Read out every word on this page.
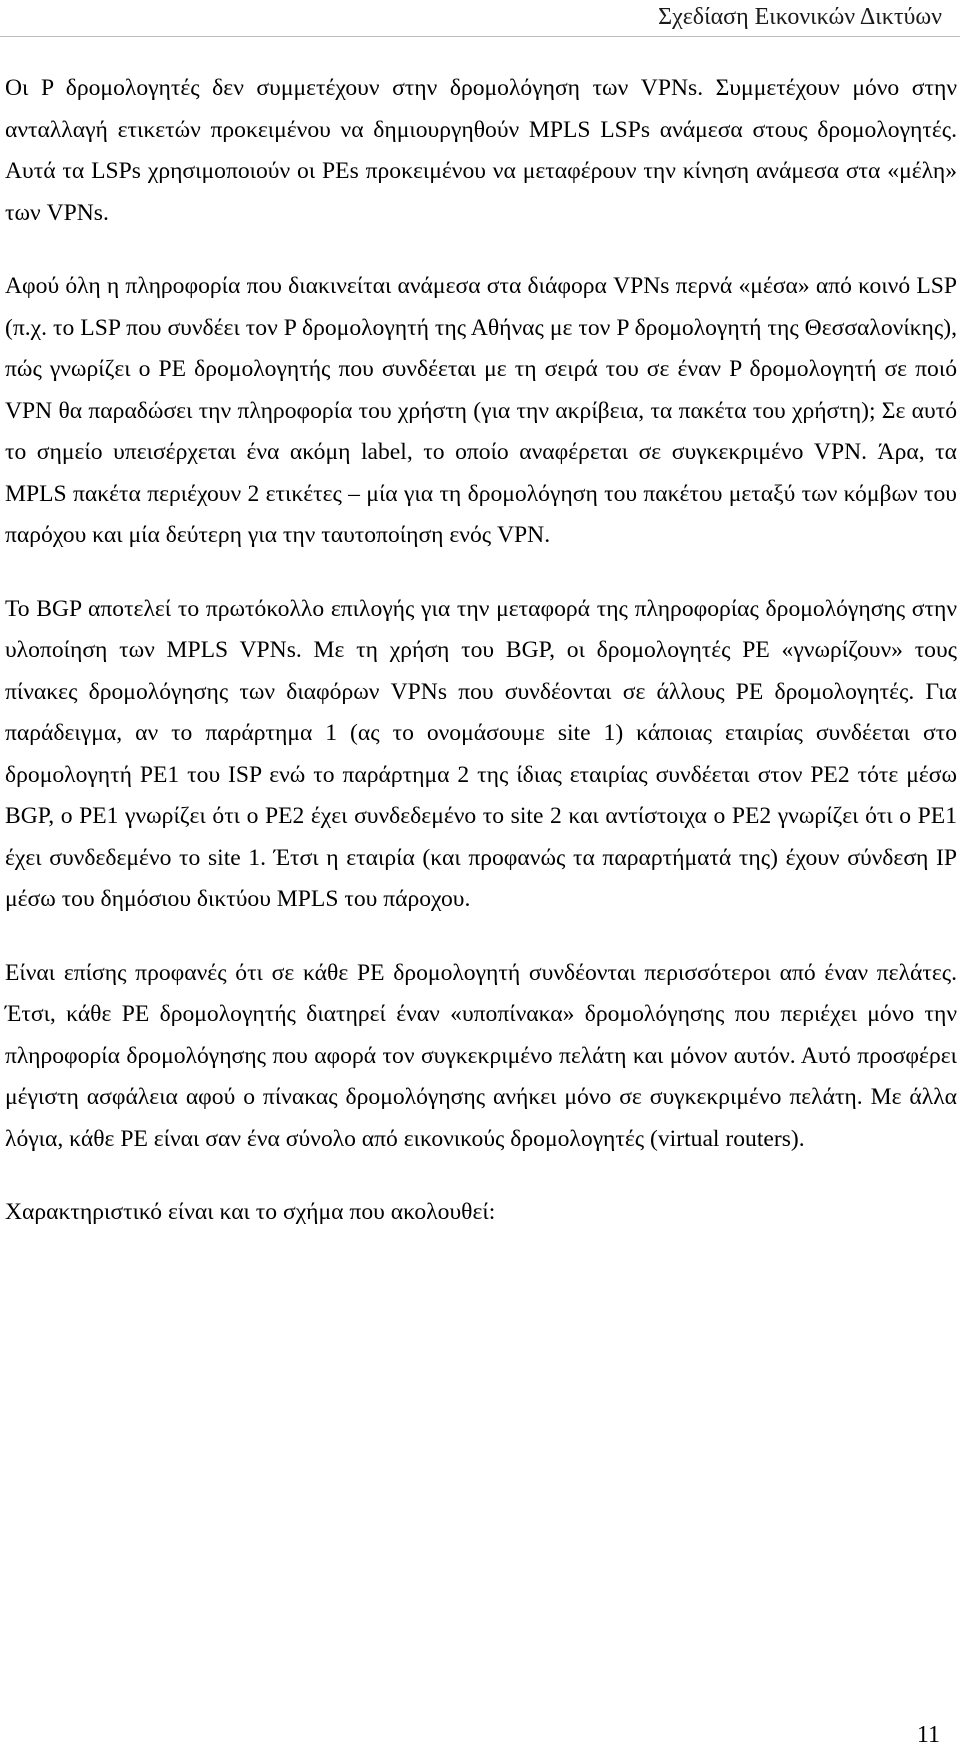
Σχεδίαση Εικονικών Δικτύων

Οι P δρομολογητές δεν συμμετέχουν στην δρομολόγηση των VPNs. Συμμετέχουν μόνο στην ανταλλαγή ετικετών προκειμένου να δημιουργηθούν MPLS LSPs ανάμεσα στους δρομολογητές. Αυτά τα LSPs χρησιμοποιούν οι PEs προκειμένου να μεταφέρουν την κίνηση ανάμεσα στα «μέλη» των VPNs.

Αφού όλη η πληροφορία που διακινείται ανάμεσα στα διάφορα VPNs περνά «μέσα» από κοινό LSP (π.χ. το LSP που συνδέει τον P δρομολογητή της Αθήνας με τον P δρομολογητή της Θεσσαλονίκης), πώς γνωρίζει ο PE δρομολογητής που συνδέεται με τη σειρά του σε έναν P δρομολογητή σε ποιό VPN θα παραδώσει την πληροφορία του χρήστη (για την ακρίβεια, τα πακέτα του χρήστη); Σε αυτό το σημείο υπεισέρχεται ένα ακόμη label, το οποίο αναφέρεται σε συγκεκριμένο VPN. Άρα, τα MPLS πακέτα περιέχουν 2 ετικέτες – μία για τη δρομολόγηση του πακέτου μεταξύ των κόμβων του παρόχου και μία δεύτερη για την ταυτοποίηση ενός VPN.

Το BGP αποτελεί το πρωτόκολλο επιλογής για την μεταφορά της πληροφορίας δρομολόγησης στην υλοποίηση των MPLS VPNs. Με τη χρήση του BGP, οι δρομολογητές PE «γνωρίζουν» τους πίνακες δρομολόγησης των διαφόρων VPNs που συνδέονται σε άλλους PE δρομολογητές. Για παράδειγμα, αν το παράρτημα 1 (ας το ονομάσουμε site 1) κάποιας εταιρίας συνδέεται στο δρομολογητή PE1 του ISP ενώ το παράρτημα 2 της ίδιας εταιρίας συνδέεται στον PE2 τότε μέσω BGP, ο PE1 γνωρίζει ότι ο PE2 έχει συνδεδεμένο το site 2 και αντίστοιχα ο PE2 γνωρίζει ότι ο PE1 έχει συνδεδεμένο το site 1. Έτσι η εταιρία (και προφανώς τα παραρτήματά της) έχουν σύνδεση IP μέσω του δημόσιου δικτύου MPLS του πάροχου.

Είναι επίσης προφανές ότι σε κάθε PE δρομολογητή συνδέονται περισσότεροι από έναν πελάτες. Έτσι, κάθε PE δρομολογητής διατηρεί έναν «υποπίνακα» δρομολόγησης που περιέχει μόνο την πληροφορία δρομολόγησης που αφορά τον συγκεκριμένο πελάτη και μόνον αυτόν. Αυτό προσφέρει μέγιστη ασφάλεια αφού ο πίνακας δρομολόγησης ανήκει μόνο σε συγκεκριμένο πελάτη. Με άλλα λόγια, κάθε PE είναι σαν ένα σύνολο από εικονικούς δρομολογητές (virtual routers).

Χαρακτηριστικό είναι και το σχήμα που ακολουθεί:

11
